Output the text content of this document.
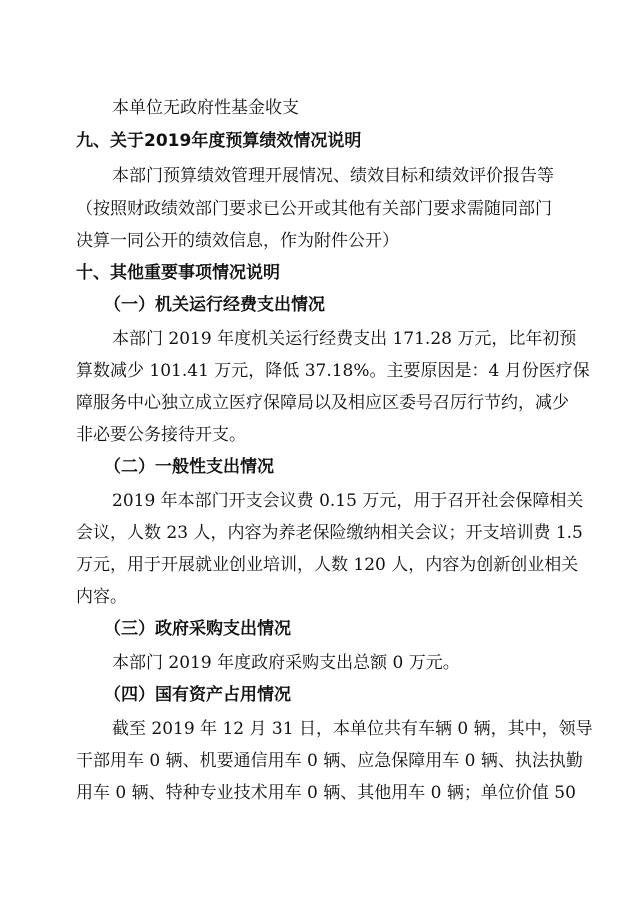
本单位无政府性基金收支
九、关于2019年度预算绩效情况说明
本部门预算绩效管理开展情况、绩效目标和绩效评价报告等
（按照财政绩效部门要求已公开或其他有关部门要求需随同部门
决算一同公开的绩效信息，作为附件公开）
十、其他重要事项情况说明
（一）机关运行经费支出情况
本部门 2019 年度机关运行经费支出 171.28 万元，比年初预
算数减少 101.41 万元，降低 37.18%。主要原因是：4 月份医疗保
障服务中心独立成立医疗保障局以及相应区委号召厉行节约，减少
非必要公务接待开支。
（二）一般性支出情况
2019 年本部门开支会议费 0.15 万元，用于召开社会保障相关
会议，人数 23 人，内容为养老保险缴纳相关会议；开支培训费 1.5
万元，用于开展就业创业培训，人数 120 人，内容为创新创业相关
内容。
（三）政府采购支出情况
本部门 2019 年度政府采购支出总额 0 万元。
（四）国有资产占用情况
截至 2019 年 12 月 31 日，本单位共有车辆 0 辆，其中，领导
干部用车 0 辆、机要通信用车 0 辆、应急保障用车 0 辆、执法执勤
用车 0 辆、特种专业技术用车 0 辆、其他用车 0 辆；单位价值 50
